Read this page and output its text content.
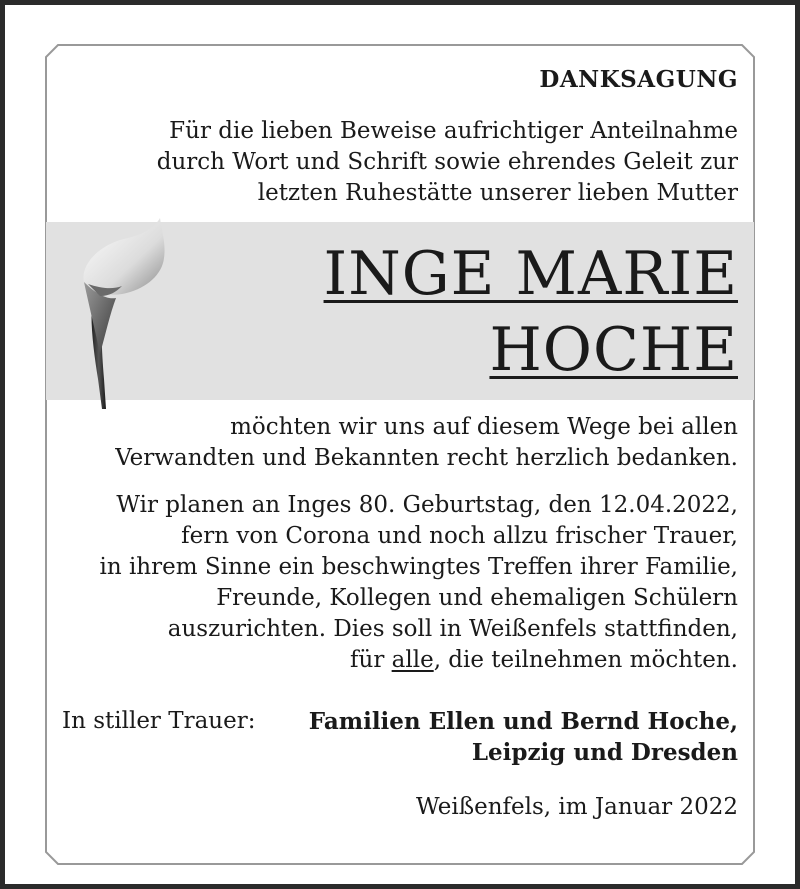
DANKSAGUNG
Für die lieben Beweise aufrichtiger Anteilnahme
durch Wort und Schrift sowie ehrendes Geleit zur
letzten Ruhestätte unserer lieben Mutter
INGE MARIE
HOCHE
möchten wir uns auf diesem Wege bei allen
Verwandten und Bekannten recht herzlich bedanken.
Wir planen an Inges 80. Geburtstag, den 12.04.2022,
fern von Corona und noch allzu frischer Trauer,
in ihrem Sinne ein beschwingtes Treffen ihrer Familie,
Freunde, Kollegen und ehemaligen Schülern
auszurichten. Dies soll in Weißenfels stattfinden,
für alle, die teilnehmen möchten.
In stiller Trauer: Familien Ellen und Bernd Hoche,
Leipzig und Dresden
Weißenfels, im Januar 2022
